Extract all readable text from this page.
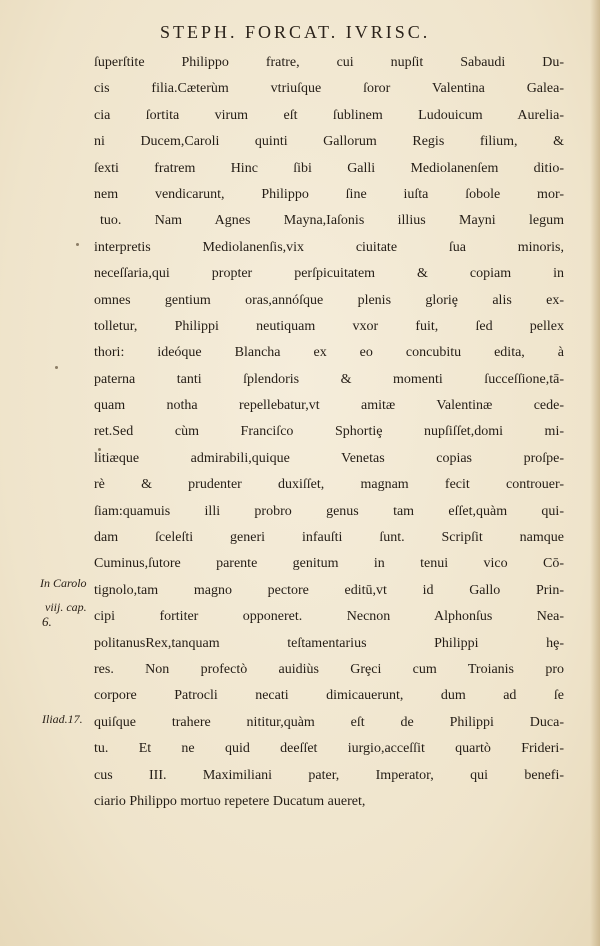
STEPH. FORCAT. IVRISC.
ſuperſtite Philippo fratre, cui nupſit Sabaudi Du-
cis filia.Cæterùm vtriuſque ſoror Valentina Galea-
cia ſortita virum eſt ſublinem Ludouicum Aurelia-
ni Ducem,Caroli quinti Gallorum Regis filium, &
ſexti fratrem Hinc ſibi Galli Mediolanenſem ditio-
nem vendicarunt, Philippo ſine iuſta ſobole mor-
tuo. Nam Agnes Mayna,Iaſonis illius Mayni legum
interpretis Mediolanenſis,vix ciuitate ſua minoris,
neceſſaria,qui propter perſpicuitatem & copiam in
omnes gentium oras,annóſque plenis gloriȩ alis ex-
tolletur, Philippi neutiquam vxor fuit, ſed pellex
thori: ideóque Blancha ex eo concubitu edita, à
paterna tanti ſplendoris & momenti ſucceſſione,tā-
quam notha repellebatur,vt amitæ Valentinæ cede-
ret.Sed cùm Franciſco Sphortiȩ nupſiſſet,domi mi-
litiæque admirabili,quique Venetas copias proſpe-
rè & prudenter duxiſſet, magnam fecit controuer-
ſiam:quamuis illi probro genus tam eſſet,quàm qui-
dam ſceleſti generi infauſti ſunt. Scripſit namque
Cuminus,ſutore parente genitum in tenui vico Cō-
tignolo,tam magno pectore editū,vt id Gallo Prin-
cipi fortiter opponeret. Necnon Alphonſus Nea-
politanusRex,tanquam teſtamentarius Philippi hȩ-
res. Non profectò auidiùs Grȩci cum Troianis pro
corpore Patrocli necati dimicauerunt, dum ad ſe
quiſque trahere nititur,quàm eſt de Philippi Duca-
tu. Et ne quid deeſſet iurgio,acceſſit quartò Frideri-
cus III. Maximiliani pater, Imperator, qui benefi-
ciario Philippo mortuo repetere Ducatum aueret,
In Carolo
viij. cap.
6.
Iliad.17.
